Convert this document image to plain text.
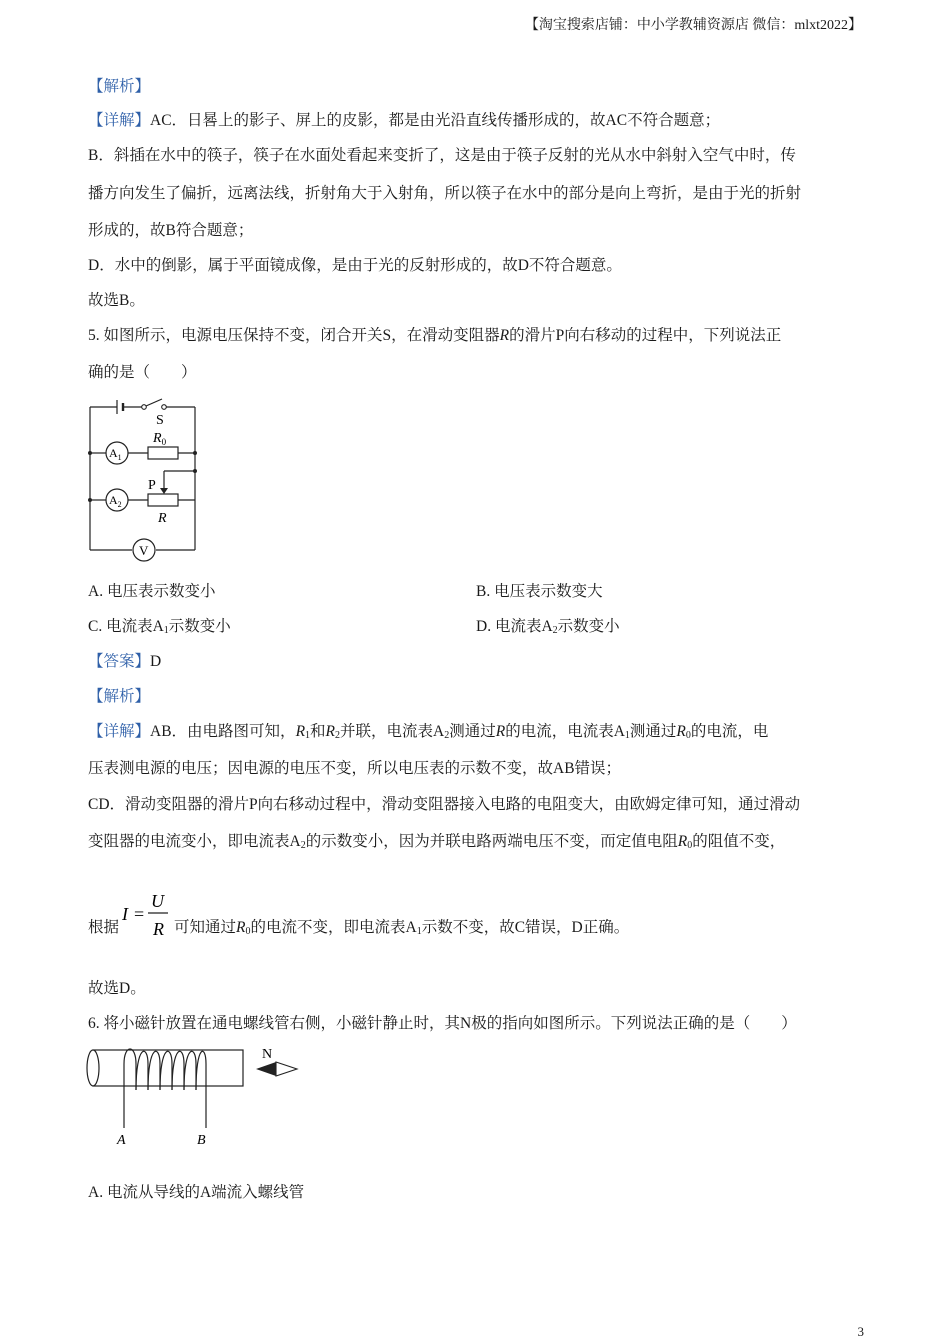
【淘宝搜索店铺：中小学教辅资源店 微信：mlxt2022】
【解析】
【详解】AC．日晷上的影子、屏上的皮影，都是由光沿直线传播形成的，故AC不符合题意；
B．斜插在水中的筷子，筷子在水面处看起来变折了，这是由于筷子反射的光从水中斜射入空气中时，传
播方向发生了偏折，远离法线，折射角大于入射角，所以筷子在水中的部分是向上弯折，是由于光的折射
形成的，故B符合题意；
D．水中的倒影，属于平面镜成像，是由于光的反射形成的，故D不符合题意。
故选B。
5. 如图所示，电源电压保持不变，闭合开关S，在滑动变阻器R的滑片P向右移动的过程中，下列说法正
确的是（　　）
S
$R_0$
$A_1$
P
$A_2$
R
V
A. 电压表示数变小	B. 电压表示数变大
C. 电流表$A_1$示数变小	D. 电流表$A_2$示数变小
【答案】D
【解析】
【详解】AB．由电路图可知，$R_1$和$R_2$并联，电流表$A_2$测通过R的电流，电流表$A_1$测通过$R_0$的电流，电
压表测电源的电压；因电源的电压不变，所以电压表的示数不变，故AB错误；
CD．滑动变阻器的滑片P向右移动过程中，滑动变阻器接入电路的电阻变大，由欧姆定律可知，通过滑动
变阻器的电流变小，即电流表$A_2$的示数变小，因为并联电路两端电压不变，而定值电阻$R_0$的阻值不变，
根据
I =
U
R 可知通过$R_0$的电流不变，即电流表$A_1$示数不变，故C错误，D正确。
故选D。
6. 将小磁针放置在通电螺线管右侧，小磁针静止时，其N极的指向如图所示。下列说法正确的是（　　）
N
A	B
A. 电流从导线的A端流入螺线管
3
